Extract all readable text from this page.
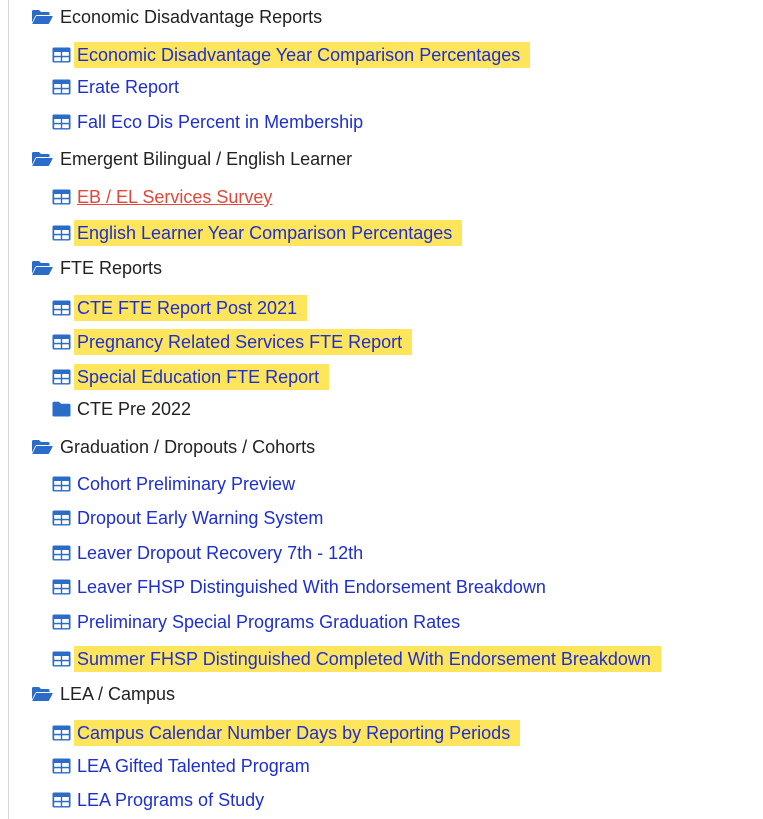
Economic Disadvantage Reports
Economic Disadvantage Year Comparison Percentages
Erate Report
Fall Eco Dis Percent in Membership
Emergent Bilingual / English Learner
EB / EL Services Survey
English Learner Year Comparison Percentages
FTE Reports
CTE FTE Report Post 2021
Pregnancy Related Services FTE Report
Special Education FTE Report
CTE Pre 2022
Graduation / Dropouts / Cohorts
Cohort Preliminary Preview
Dropout Early Warning System
Leaver Dropout Recovery 7th - 12th
Leaver FHSP Distinguished With Endorsement Breakdown
Preliminary Special Programs Graduation Rates
Summer FHSP Distinguished Completed With Endorsement Breakdown
LEA / Campus
Campus Calendar Number Days by Reporting Periods
LEA Gifted Talented Program
LEA Programs of Study
